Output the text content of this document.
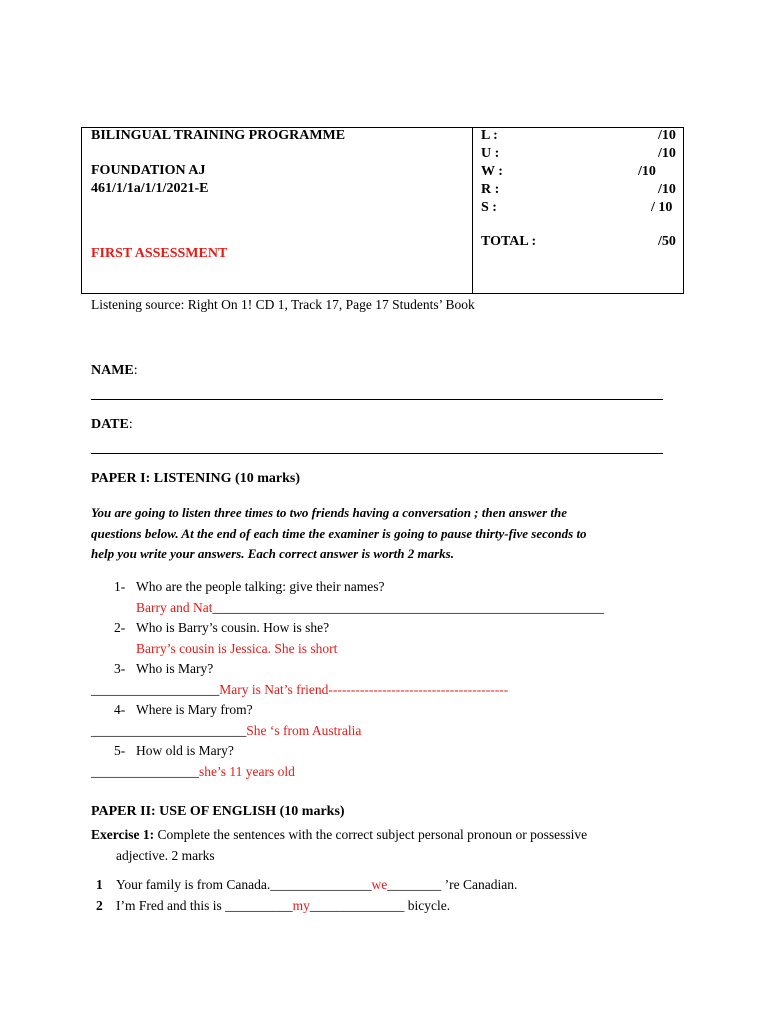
BILINGUAL TRAINING PROGRAMME
FOUNDATION AJ
461/1/1a/1/1/2021-E
FIRST ASSESSMENT
L :	/10
U :	/10
W :	/10
R :	/10
S :	/ 10
TOTAL :	/50
Listening source: Right On 1! CD 1, Track 17, Page 17 Students’ Book
NAME:
DATE:
PAPER I: LISTENING (10 marks)
You are going to listen three times to two friends having a conversation ; then answer the
questions below. At the end of each time the examiner is going to pause thirty-five seconds to
help you write your answers. Each correct answer is worth 2 marks.
1- Who are the people talking: give their names?
Barry and Nat__________________________________________________________
2- Who is Barry’s cousin. How is she?
Barry’s cousin is Jessica. She is short
3- Who is Mary?
___________________Mary is Nat’s friend----------------------------------------
4- Where is Mary from?
_______________________She ‘s from Australia
5- How old is Mary?
________________she’s 11 years old
PAPER II: USE OF ENGLISH (10 marks)
Exercise 1: Complete the sentences with the correct subject personal pronoun or possessive
adjective. 2 marks
1 Your family is from Canada._______________we________ ’re Canadian.
2 I’m Fred and this is __________my______________ bicycle.
